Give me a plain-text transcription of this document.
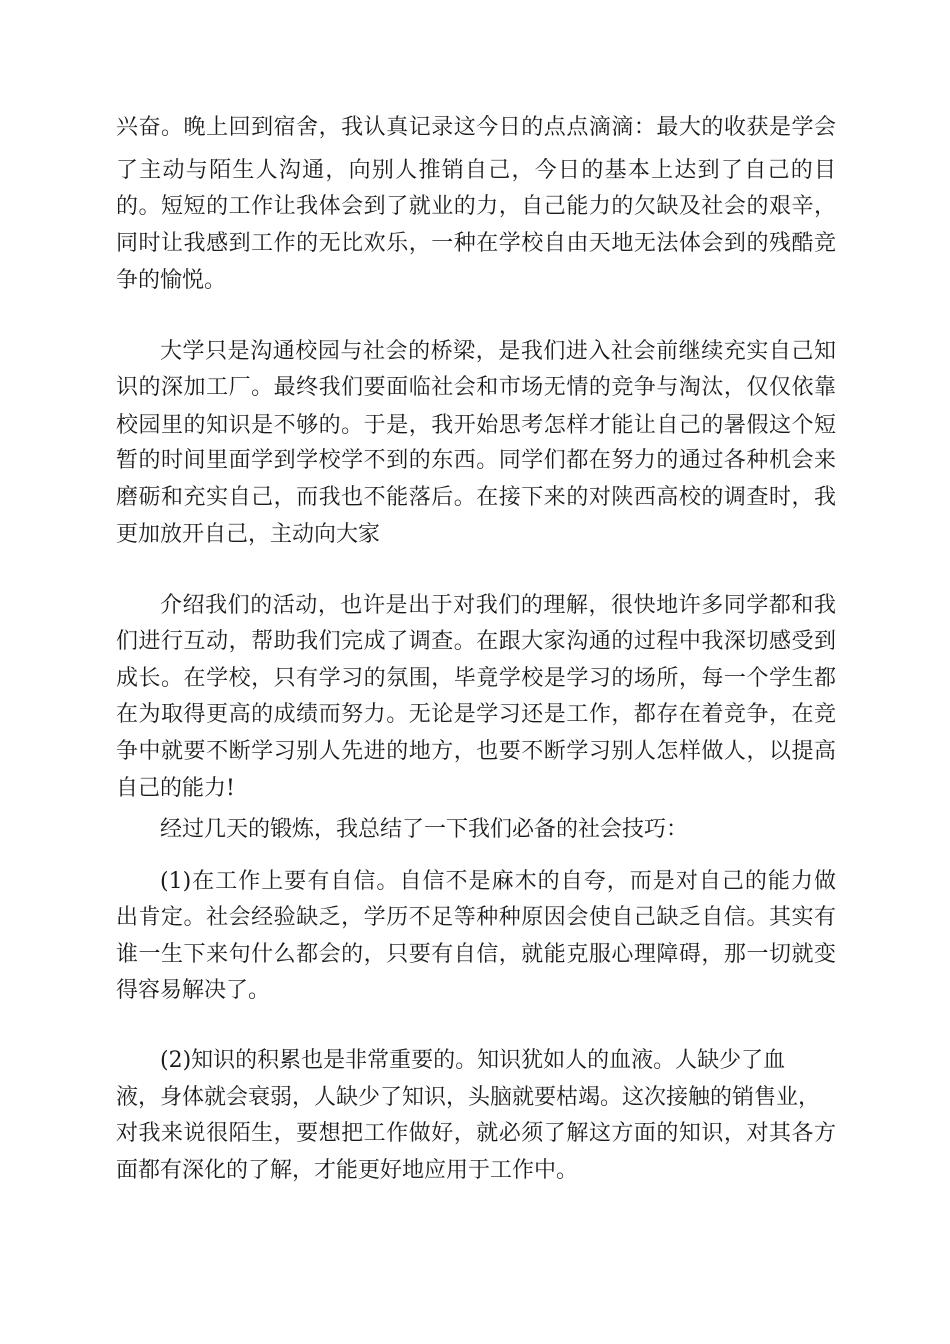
兴奋。晚上回到宿舍，我认真记录这今日的点点滴滴：最大的收获是学会
了主动与陌生人沟通，向别人推销自己，今日的基本上达到了自己的目
的。短短的工作让我体会到了就业的力，自己能力的欠缺及社会的艰辛，
同时让我感到工作的无比欢乐，一种在学校自由天地无法体会到的残酷竞
争的愉悦。
大学只是沟通校园与社会的桥梁，是我们进入社会前继续充实自己知
识的深加工厂。最终我们要面临社会和市场无情的竞争与淘汰，仅仅依靠
校园里的知识是不够的。于是，我开始思考怎样才能让自己的暑假这个短
暂的时间里面学到学校学不到的东西。同学们都在努力的通过各种机会来
磨砺和充实自己，而我也不能落后。在接下来的对陕西高校的调查时，我
更加放开自己，主动向大家
介绍我们的活动，也许是出于对我们的理解，很快地许多同学都和我
们进行互动，帮助我们完成了调查。在跟大家沟通的过程中我深切感受到
成长。在学校，只有学习的氛围，毕竟学校是学习的场所，每一个学生都
在为取得更高的成绩而努力。无论是学习还是工作，都存在着竞争，在竞
争中就要不断学习别人先进的地方，也要不断学习别人怎样做人，以提高
自己的能力!
经过几天的锻炼，我总结了一下我们必备的社会技巧：
(1)在工作上要有自信。自信不是麻木的自夸，而是对自己的能力做
出肯定。社会经验缺乏，学历不足等种种原因会使自己缺乏自信。其实有
谁一生下来句什么都会的，只要有自信，就能克服心理障碍，那一切就变
得容易解决了。
(2)知识的积累也是非常重要的。知识犹如人的血液。人缺少了血
液，身体就会衰弱，人缺少了知识，头脑就要枯竭。这次接触的销售业，
对我来说很陌生，要想把工作做好，就必须了解这方面的知识，对其各方
面都有深化的了解，才能更好地应用于工作中。
